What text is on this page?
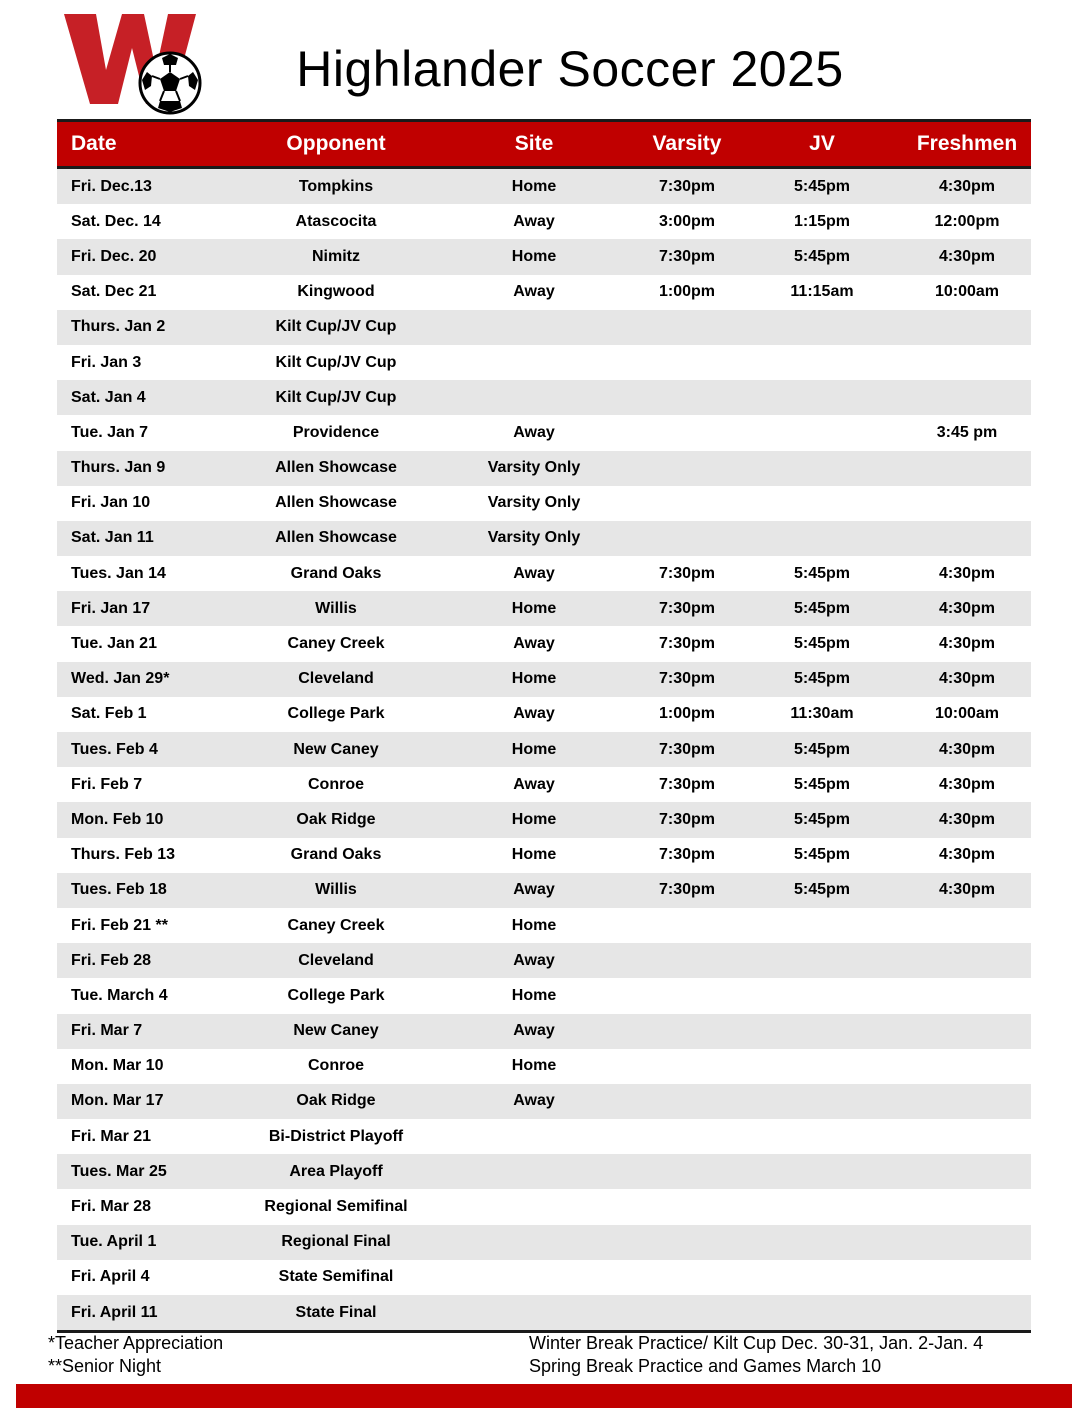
Highlander Soccer 2025
Date	Opponent	Site	Varsity	JV	Freshmen
Fri. Dec.13	Tompkins	Home	7:30pm	5:45pm	4:30pm
Sat. Dec. 14	Atascocita	Away	3:00pm	1:15pm	12:00pm
Fri. Dec. 20	Nimitz	Home	7:30pm	5:45pm	4:30pm
Sat. Dec 21	Kingwood	Away	1:00pm	11:15am	10:00am
Thurs. Jan 2	Kilt Cup/JV Cup				
Fri. Jan 3	Kilt Cup/JV Cup				
Sat. Jan 4	Kilt Cup/JV Cup				
Tue. Jan 7	Providence	Away			3:45 pm
Thurs. Jan 9	Allen Showcase	Varsity Only			
Fri. Jan 10	Allen Showcase	Varsity Only			
Sat. Jan 11	Allen Showcase	Varsity Only			
Tues. Jan 14	Grand Oaks	Away	7:30pm	5:45pm	4:30pm
Fri. Jan 17	Willis	Home	7:30pm	5:45pm	4:30pm
Tue. Jan 21	Caney Creek	Away	7:30pm	5:45pm	4:30pm
Wed. Jan 29*	Cleveland	Home	7:30pm	5:45pm	4:30pm
Sat. Feb 1	College Park	Away	1:00pm	11:30am	10:00am
Tues. Feb 4	New Caney	Home	7:30pm	5:45pm	4:30pm
Fri. Feb 7	Conroe	Away	7:30pm	5:45pm	4:30pm
Mon. Feb 10	Oak Ridge	Home	7:30pm	5:45pm	4:30pm
Thurs. Feb 13	Grand Oaks	Home	7:30pm	5:45pm	4:30pm
Tues. Feb 18	Willis	Away	7:30pm	5:45pm	4:30pm
Fri. Feb 21 **	Caney Creek	Home			
Fri. Feb 28	Cleveland	Away			
Tue. March 4	College Park	Home			
Fri. Mar 7	New Caney	Away			
Mon. Mar 10	Conroe	Home			
Mon. Mar 17	Oak Ridge	Away			
Fri. Mar 21	Bi-District Playoff				
Tues. Mar 25	Area Playoff				
Fri. Mar 28	Regional Semifinal				
Tue. April 1	Regional Final				
Fri. April 4	State Semifinal				
Fri. April 11	State Final				
*Teacher Appreciation
**Senior Night
Winter Break Practice/ Kilt Cup Dec. 30-31, Jan. 2-Jan. 4
Spring Break Practice and Games March 10
